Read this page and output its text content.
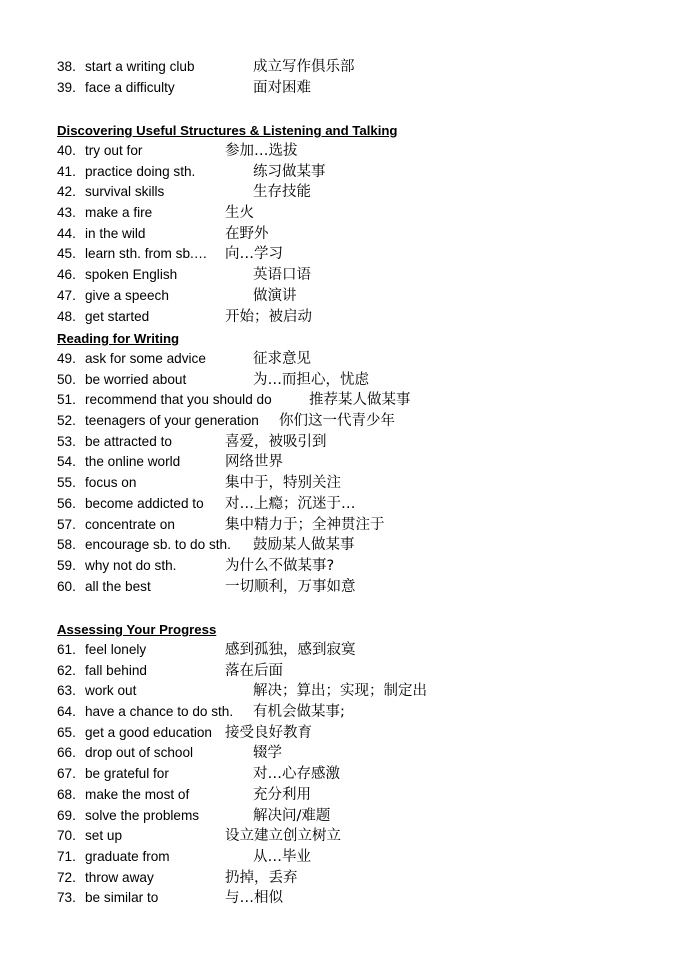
38. start a writing club	成立写作俱乐部
39. face a difficulty	面对困难
Discovering Useful Structures & Listening and Talking
40. try out for	参加…选拔
41. practice doing sth.	练习做某事
42. survival skills	生存技能
43. make a fire	生火
44. in the wild	在野外
45. learn sth. from sb.… 向…学习
46. spoken English	英语口语
47. give a speech	做演讲
48. get started	开始；被启动
Reading for Writing
49. ask for some advice	征求意见
50. be worried about	为…而担心，忧虑
51. recommend that you should do	推荐某人做某事
52. teenagers of your generation 你们这一代青少年
53. be attracted to	喜爱，被吸引到
54. the online world	网络世界
55. focus on	集中于，特别关注
56. become addicted to 对…上瘾；沉迷于…
57. concentrate on	集中精力于；全神贯注于
58. encourage sb. to do sth. 鼓励某人做某事
59. why not do sth.	为什么不做某事?
60. all the best	一切顺利，万事如意
Assessing Your Progress
61. feel lonely	感到孤独，感到寂寞
62. fall behind	落在后面
63. work out	解决；算出；实现；制定出
64. have a chance to do sth. 有机会做某事;
65. get a good education 接受良好教育
66. drop out of school	辍学
67. be grateful for	对…心存感激
68. make the most of	充分利用
69. solve the problems	解决问/难题
70. set up	设立建立创立树立
71. graduate from	从…毕业
72. throw away	扔掉，丢弃
73. be similar to	与…相似
